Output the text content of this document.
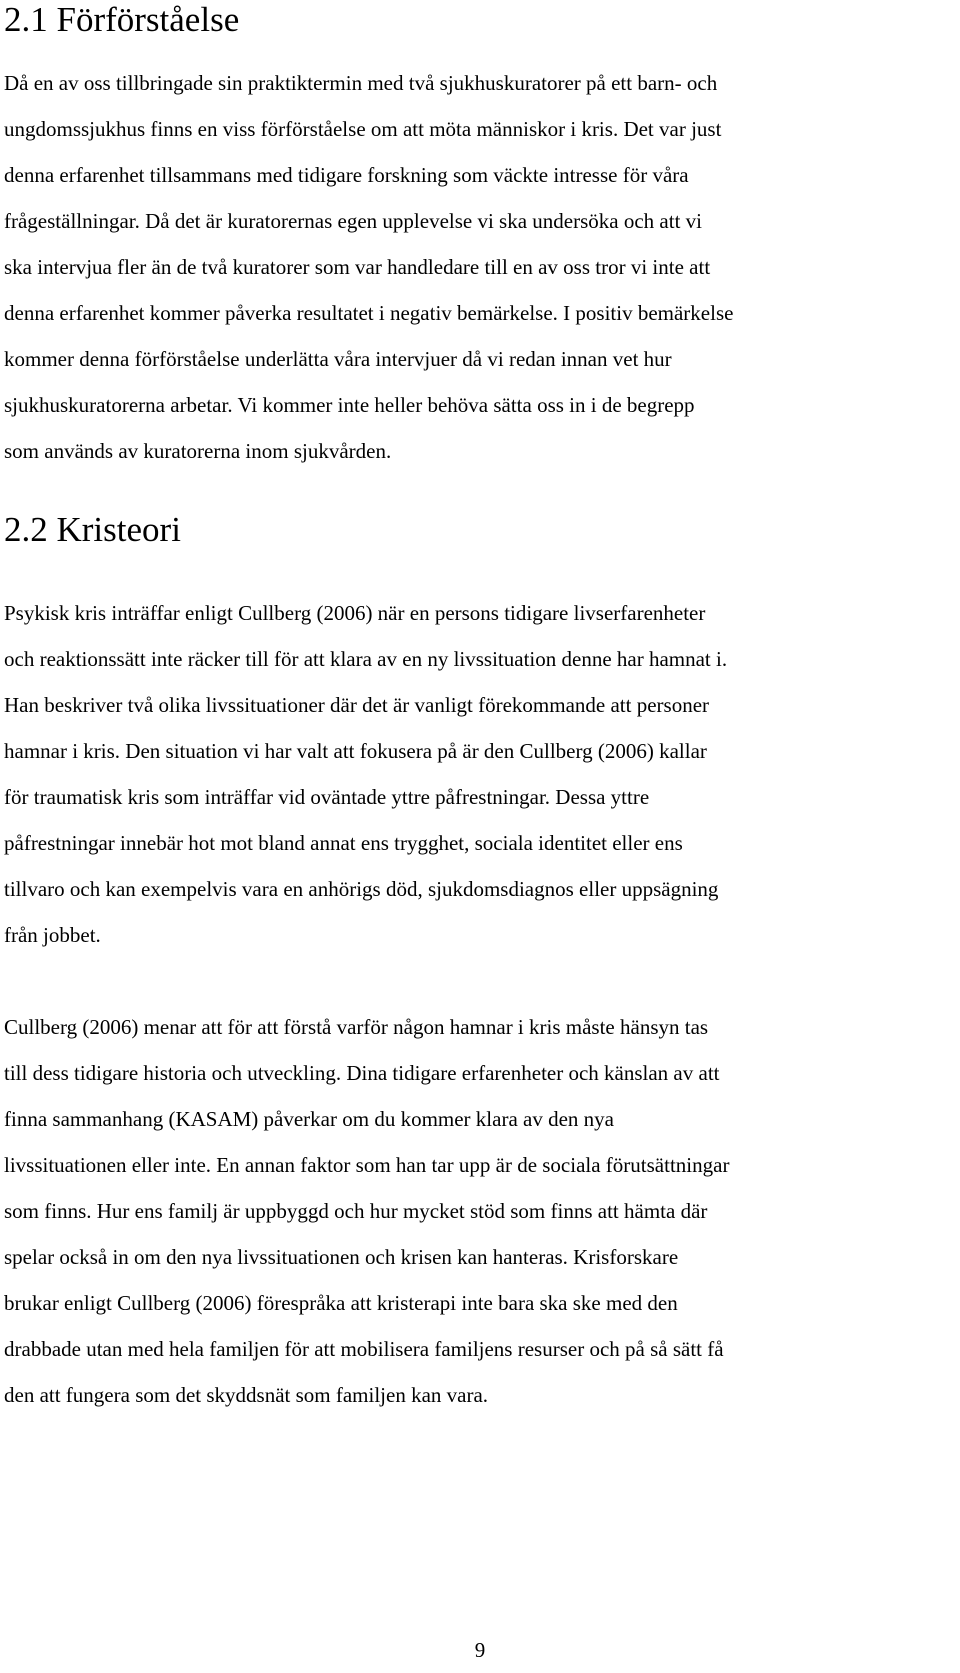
2.1 Förförståelse

Då en av oss tillbringade sin praktiktermin med två sjukhuskuratorer på ett barn- och
ungdomssjukhus finns en viss förförståelse om att möta människor i kris. Det var just
denna erfarenhet tillsammans med tidigare forskning som väckte intresse för våra
frågeställningar. Då det är kuratorernas egen upplevelse vi ska undersöka och att vi
ska intervjua fler än de två kuratorer som var handledare till en av oss tror vi inte att
denna erfarenhet kommer påverka resultatet i negativ bemärkelse. I positiv bemärkelse
kommer denna förförståelse underlätta våra intervjuer då vi redan innan vet hur
sjukhuskuratorerna arbetar. Vi kommer inte heller behöva sätta oss in i de begrepp
som används av kuratorerna inom sjukvården.

2.2 Kristeori

Psykisk kris inträffar enligt Cullberg (2006) när en persons tidigare livserfarenheter
och reaktionssätt inte räcker till för att klara av en ny livssituation denne har hamnat i.
Han beskriver två olika livssituationer där det är vanligt förekommande att personer
hamnar i kris. Den situation vi har valt att fokusera på är den Cullberg (2006) kallar
för traumatisk kris som inträffar vid oväntade yttre påfrestningar. Dessa yttre
påfrestningar innebär hot mot bland annat ens trygghet, sociala identitet eller ens
tillvaro och kan exempelvis vara en anhörigs död, sjukdomsdiagnos eller uppsägning
från jobbet.

Cullberg (2006) menar att för att förstå varför någon hamnar i kris måste hänsyn tas
till dess tidigare historia och utveckling. Dina tidigare erfarenheter och känslan av att
finna sammanhang (KASAM) påverkar om du kommer klara av den nya
livssituationen eller inte. En annan faktor som han tar upp är de sociala förutsättningar
som finns. Hur ens familj är uppbyggd och hur mycket stöd som finns att hämta där
spelar också in om den nya livssituationen och krisen kan hanteras. Krisforskare
brukar enligt Cullberg (2006) förespråka att kristerapi inte bara ska ske med den
drabbade utan med hela familjen för att mobilisera familjens resurser och på så sätt få
den att fungera som det skyddsnät som familjen kan vara.

9
